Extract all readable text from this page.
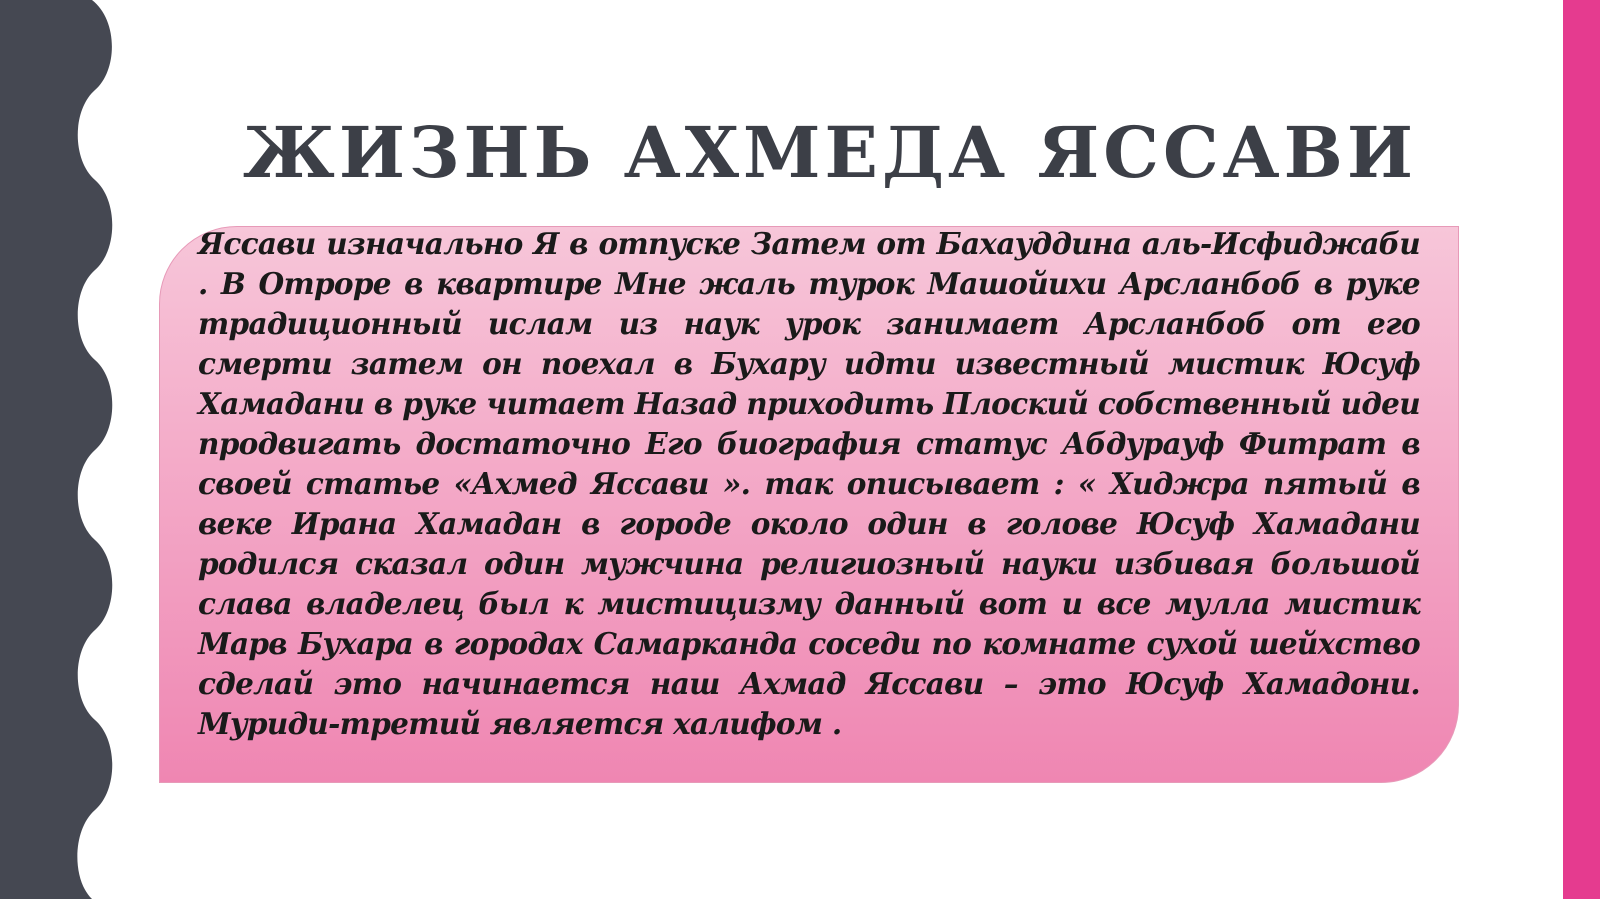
ЖИЗНЬ АХМЕДА ЯССАВИ

Яссави изначально Я в отпуске Затем от Бахауддина аль-Исфиджаби . В Отроре в квартире Мне жаль турок Машойихи Арсланбоб в руке традиционный ислам из наук урок занимает Арсланбоб от его смерти затем он поехал в Бухару идти известный мистик Юсуф Хамадани в руке читает Назад приходить Плоский собственный идеи продвигать достаточно Его биография статус Абдурауф Фитрат в своей статье «Ахмед Яссави ». так описывает : « Хиджра пятый в веке Ирана Хамадан в городе около один в голове Юсуф Хамадани родился сказал один мужчина религиозный науки избивая большой слава владелец был к мистицизму данный вот и все мулла мистик Марв Бухара в городах Самарканда соседи по комнате сухой шейхство сделай это начинается наш Ахмад Яссави – это Юсуф Хамадони. Муриди-третий является халифом .
